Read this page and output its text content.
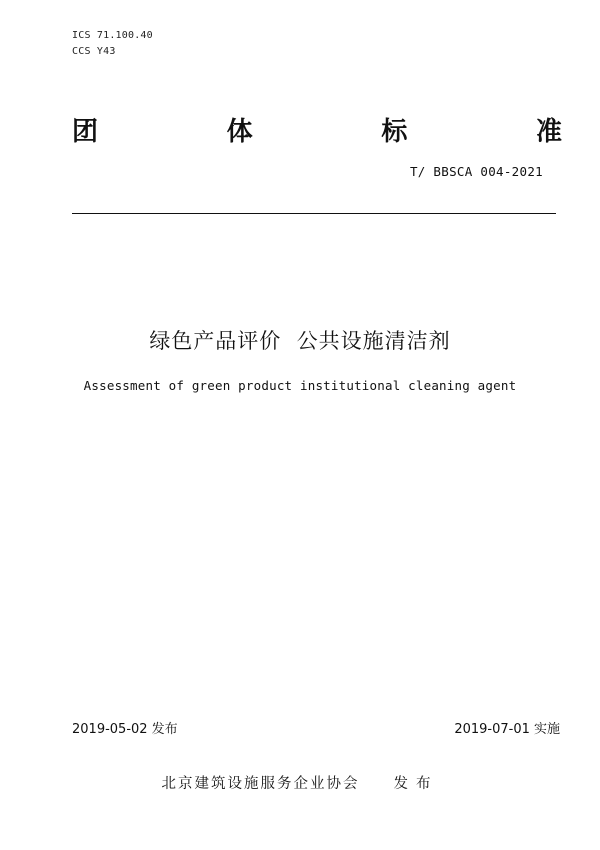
ICS 71.100.40
CCS Y43
团	体	标	准
T/ BBSCA 004-2021
绿色产品评价  公共设施清洁剂
Assessment of green product institutional cleaning agent
2019-05-02 发布	2019-07-01 实施
北京建筑设施服务企业协会 发布
